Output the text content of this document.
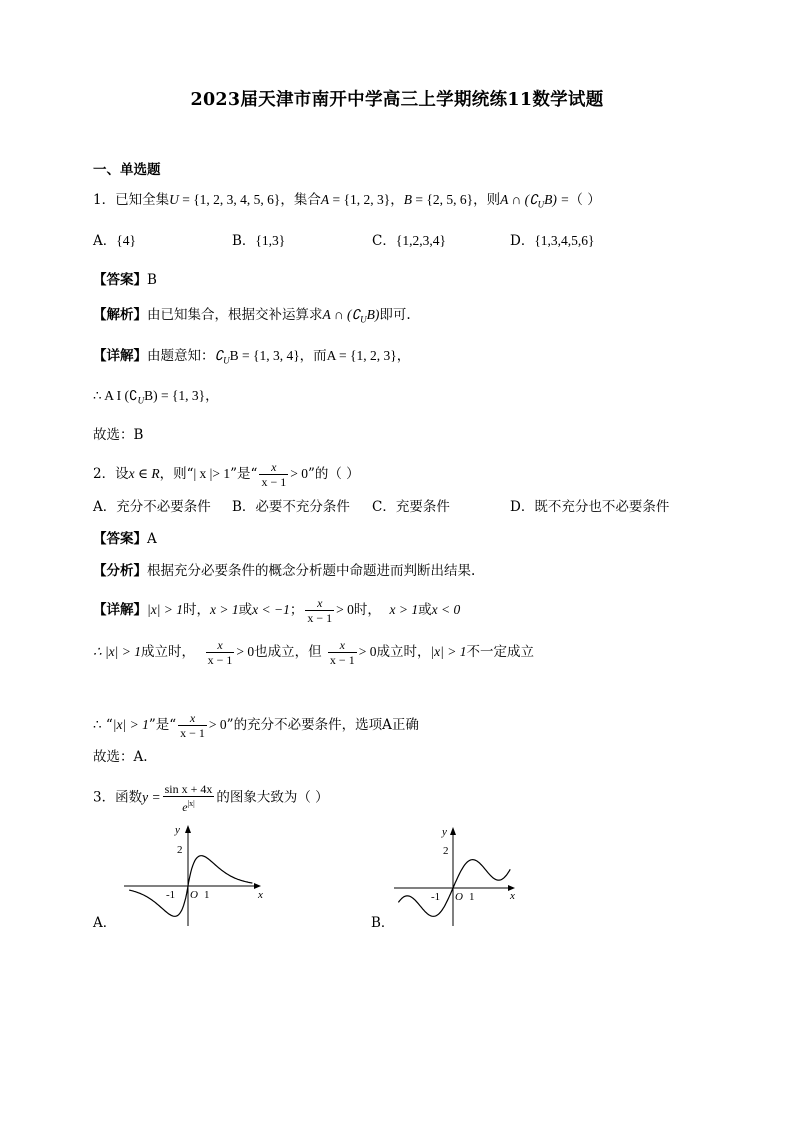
2023届天津市南开中学高三上学期统练11数学试题
一、单选题
1．已知全集U = {1, 2, 3, 4, 5, 6}，集合A = {1, 2, 3}，B = {2, 5, 6}，则A ∩ $(∁_UB)$ =（ ）
A．{4}	B．{1,3}	C．{1,2,3,4}	D．{1,3,4,5,6}
【答案】B
【解析】由已知集合，根据交补运算求A ∩ $(∁_UB)$即可.
【详解】由题意知：$∁_UB = \{1$, 3, 4}，而A = {1, 2, 3}，
∴ A I $(∁_UB) = \{1$, 3}，
故选：B
2．设x ∈ R，则“| x |> 1”是“ $\frac{x}{x - 1} > 0$”的（ ）
A．充分不必要条件 B．必要不充分条件 C．充要条件	D．既不充分也不必要条件
【答案】A
【分析】根据充分必要条件的概念分析题中命题进而判断出结果.
【详解】|x| > 1时，x > 1或x < −1； $\frac{x}{x - 1} > 0$时， x > 1或x < 0
∴ |x| > 1成立时， $\frac{x}{x - 1} > 0$也成立，但 $\frac{x}{x - 1} > 0$成立时，|x| > 1不一定成立
∴ “|x| > 1”是“ $\frac{x}{x - 1} > 0$”的充分不必要条件，选项A正确
故选：A.
3．函数$y = \frac{\text{sin x + 4x}}{e^{|x|}}$ 的图象大致为（ ）
y
x
2
-1 O 1
A．
y
x
2
-1 O 1
B．
